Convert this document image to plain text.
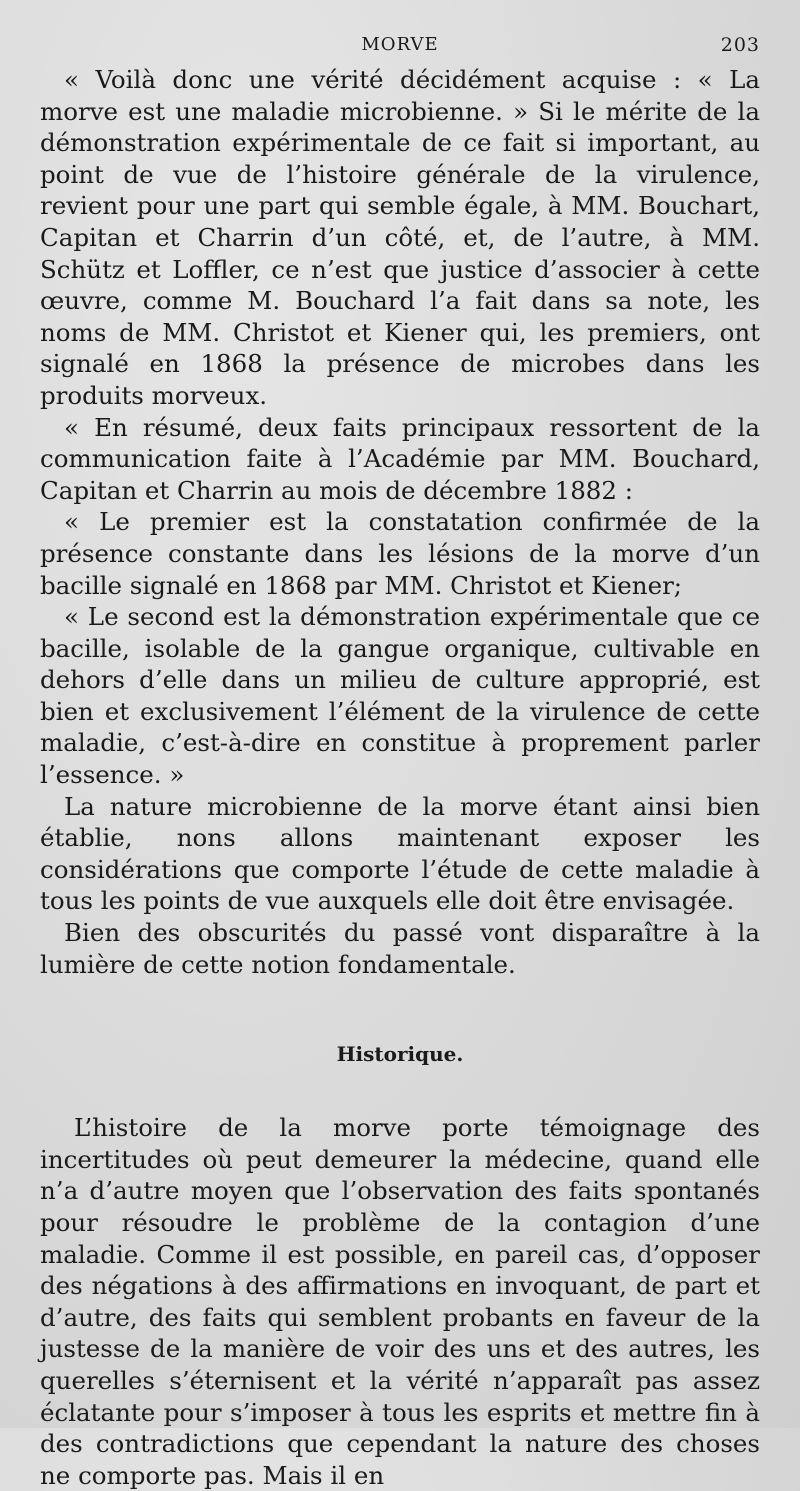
MORVE	203

« Voilà donc une vérité décidément acquise : « La morve est une maladie microbienne. » Si le mérite de la démonstration expérimentale de ce fait si important, au point de vue de l’histoire générale de la virulence, revient pour une part qui semble égale, à MM. Bouchart, Capitan et Charrin d’un côté, et, de l’autre, à MM. Schütz et Loffler, ce n’est que justice d’associer à cette œuvre, comme M. Bouchard l’a fait dans sa note, les noms de MM. Christot et Kiener qui, les premiers, ont signalé en 1868 la présence de microbes dans les produits morveux.

« En résumé, deux faits principaux ressortent de la communication faite à l’Académie par MM. Bouchard, Capitan et Charrin au mois de décembre 1882 :

« Le premier est la constatation confirmée de la présence constante dans les lésions de la morve d’un bacille signalé en 1868 par MM. Christot et Kiener;

« Le second est la démonstration expérimentale que ce bacille, isolable de la gangue organique, cultivable en dehors d’elle dans un milieu de culture approprié, est bien et exclusivement l’élément de la virulence de cette maladie, c’est-à-dire en constitue à proprement parler l’essence. »

La nature microbienne de la morve étant ainsi bien établie, nons allons maintenant exposer les considérations que comporte l’étude de cette maladie à tous les points de vue auxquels elle doit être envisagée.

Bien des obscurités du passé vont disparaître à la lumière de cette notion fondamentale.

Historique.

L’histoire de la morve porte témoignage des incertitudes où peut demeurer la médecine, quand elle n’a d’autre moyen que l’observation des faits spontanés pour résoudre le problème de la contagion d’une maladie. Comme il est possible, en pareil cas, d’opposer des négations à des affirmations en invoquant, de part et d’autre, des faits qui semblent probants en faveur de la justesse de la manière de voir des uns et des autres, les querelles s’éternisent et la vérité n’apparaît pas assez éclatante pour s’imposer à tous les esprits et mettre fin à des contradictions que cependant la nature des choses ne comporte pas. Mais il en
